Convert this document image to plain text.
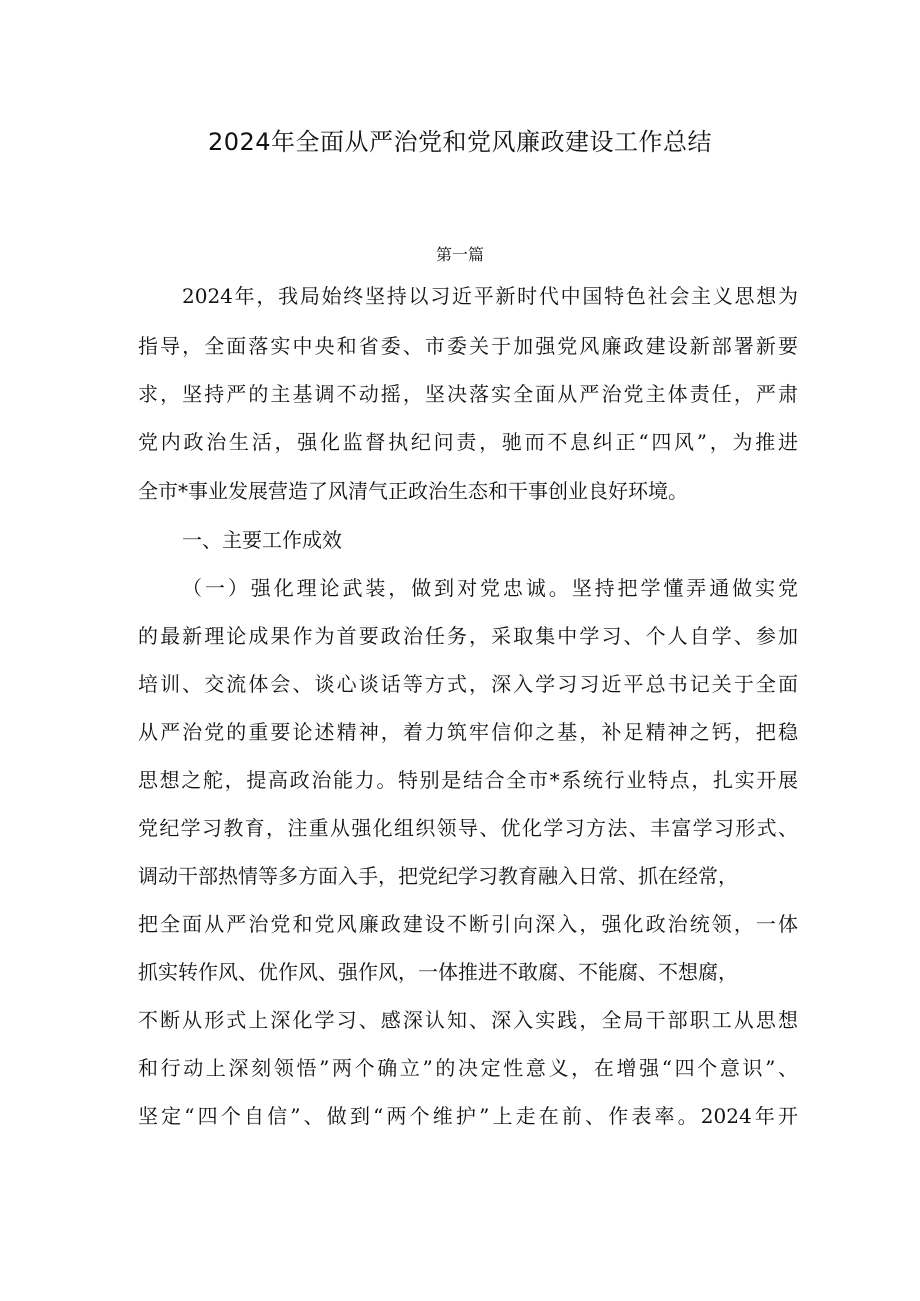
2024年全面从严治党和党风廉政建设工作总结
第一篇
2024年，我局始终坚持以习近平新时代中国特色社会主义思想为
指导，全面落实中央和省委、市委关于加强党风廉政建设新部署新要
求，坚持严的主基调不动摇，坚决落实全面从严治党主体责任，严肃
党内政治生活，强化监督执纪问责，驰而不息纠正“四风”，为推进
全市*事业发展营造了风清气正政治生态和干事创业良好环境。
一、主要工作成效
（一）强化理论武装，做到对党忠诚。坚持把学懂弄通做实党
的最新理论成果作为首要政治任务，采取集中学习、个人自学、参加
培训、交流体会、谈心谈话等方式，深入学习习近平总书记关于全面
从严治党的重要论述精神，着力筑牢信仰之基，补足精神之钙，把稳
思想之舵，提高政治能力。特别是结合全市*系统行业特点，扎实开展
党纪学习教育，注重从强化组织领导、优化学习方法、丰富学习形式、
调动干部热情等多方面入手，把党纪学习教育融入日常、抓在经常，
把全面从严治党和党风廉政建设不断引向深入，强化政治统领，一体
抓实转作风、优作风、强作风，一体推进不敢腐、不能腐、不想腐，
不断从形式上深化学习、感深认知、深入实践，全局干部职工从思想
和行动上深刻领悟”两个确立”的决定性意义，在增强“四个意识”、
坚定“四个自信”、做到“两个维护”上走在前、作表率。2024年开
